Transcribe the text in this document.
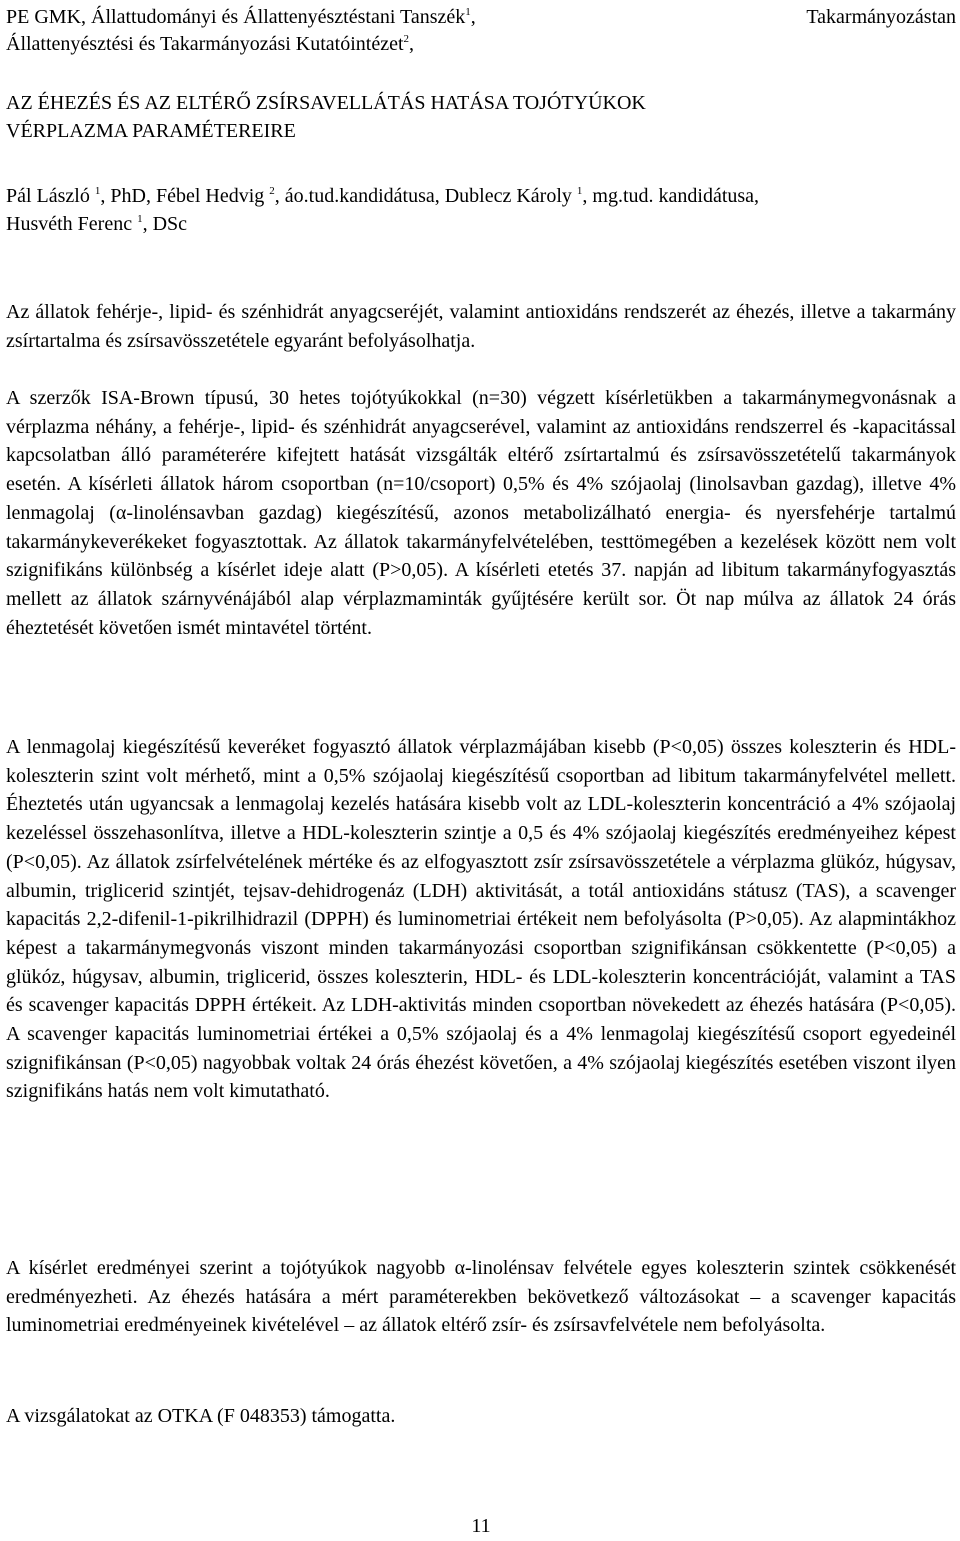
PE GMK, Állattudományi és Állattenyésztéstani Tanszék$^1$,
Állattenyésztési és Takarmányozási Kutatóintézet$^2$,
Takarmányozástan
AZ ÉHEZÉS ÉS AZ ELTÉRŐ ZSÍRSAVELLÁTÁS HATÁSA TOJÓTYÚKOK
VÉRPLAZMA PARAMÉTEREIRE
Pál László $^1$, PhD, Fébel Hedvig $^2$, áo.tud.kandidátusa, Dublecz Károly $^1$, mg.tud. kandidátusa,
Husvéth Ferenc $^1$, DSc

Az állatok fehérje-, lipid- és szénhidrát anyagcseréjét, valamint antioxidáns rendszerét az éhezés, illetve a takarmány zsírtartalma és zsírsavösszetétele egyaránt befolyásolhatja.

A szerzők ISA-Brown típusú, 30 hetes tojótyúkokkal (n=30) végzett kísérletükben a takarmánymegvonásnak a vérplazma néhány, a fehérje-, lipid- és szénhidrát anyagcserével, valamint az antioxidáns rendszerrel és -kapacitással kapcsolatban álló paraméterére kifejtett hatását vizsgálták eltérő zsírtartalmú és zsírsavösszetételű takarmányok esetén. A kísérleti állatok három csoportban (n=10/csoport) 0,5% és 4% szójaolaj (linolsavban gazdag), illetve 4% lenmagolaj (α-linolénsavban gazdag) kiegészítésű, azonos metabolizálható energia- és nyersfehérje tartalmú takarmánykeverékeket fogyasztottak. Az állatok takarmányfelvételében, testtömegében a kezelések között nem volt szignifikáns különbség a kísérlet ideje alatt (P>0,05). A kísérleti etetés 37. napján ad libitum takarmányfogyasztás mellett az állatok szárnyvénájából alap vérplazmaminták gyűjtésére került sor. Öt nap múlva az állatok 24 órás éheztetését követően ismét mintavétel történt.

A lenmagolaj kiegészítésű keveréket fogyasztó állatok vérplazmájában kisebb (P<0,05) összes koleszterin és HDL-koleszterin szint volt mérhető, mint a 0,5% szójaolaj kiegészítésű csoportban ad libitum takarmányfelvétel mellett. Éheztetés után ugyancsak a lenmagolaj kezelés hatására kisebb volt az LDL-koleszterin koncentráció a 4% szójaolaj kezeléssel összehasonlítva, illetve a HDL-koleszterin szintje a 0,5 és 4% szójaolaj kiegészítés eredményeihez képest (P<0,05). Az állatok zsírfelvételének mértéke és az elfogyasztott zsír zsírsavösszetétele a vérplazma glükóz, húgysav, albumin, triglicerid szintjét, tejsav-dehidrogenáz (LDH) aktivitását, a totál antioxidáns státusz (TAS), a scavenger kapacitás 2,2-difenil-1-pikrilhidrazil (DPPH) és luminometriai értékeit nem befolyásolta (P>0,05). Az alapmintákhoz képest a takarmánymegvonás viszont minden takarmányozási csoportban szignifikánsan csökkentette (P<0,05) a glükóz, húgysav, albumin, triglicerid, összes koleszterin, HDL- és LDL-koleszterin koncentrációját, valamint a TAS és scavenger kapacitás DPPH értékeit. Az LDH-aktivitás minden csoportban növekedett az éhezés hatására (P<0,05). A scavenger kapacitás luminometriai értékei a 0,5% szójaolaj és a 4% lenmagolaj kiegészítésű csoport egyedeinél szignifikánsan (P<0,05) nagyobbak voltak 24 órás éhezést követően, a 4% szójaolaj kiegészítés esetében viszont ilyen szignifikáns hatás nem volt kimutatható.

A kísérlet eredményei szerint a tojótyúkok nagyobb α-linolénsav felvétele egyes koleszterin szintek csökkenését eredményezheti. Az éhezés hatására a mért paraméterekben bekövetkező változásokat – a scavenger kapacitás luminometriai eredményeinek kivételével – az állatok eltérő zsír- és zsírsavfelvétele nem befolyásolta.

A vizsgálatokat az OTKA (F 048353) támogatta.

11
